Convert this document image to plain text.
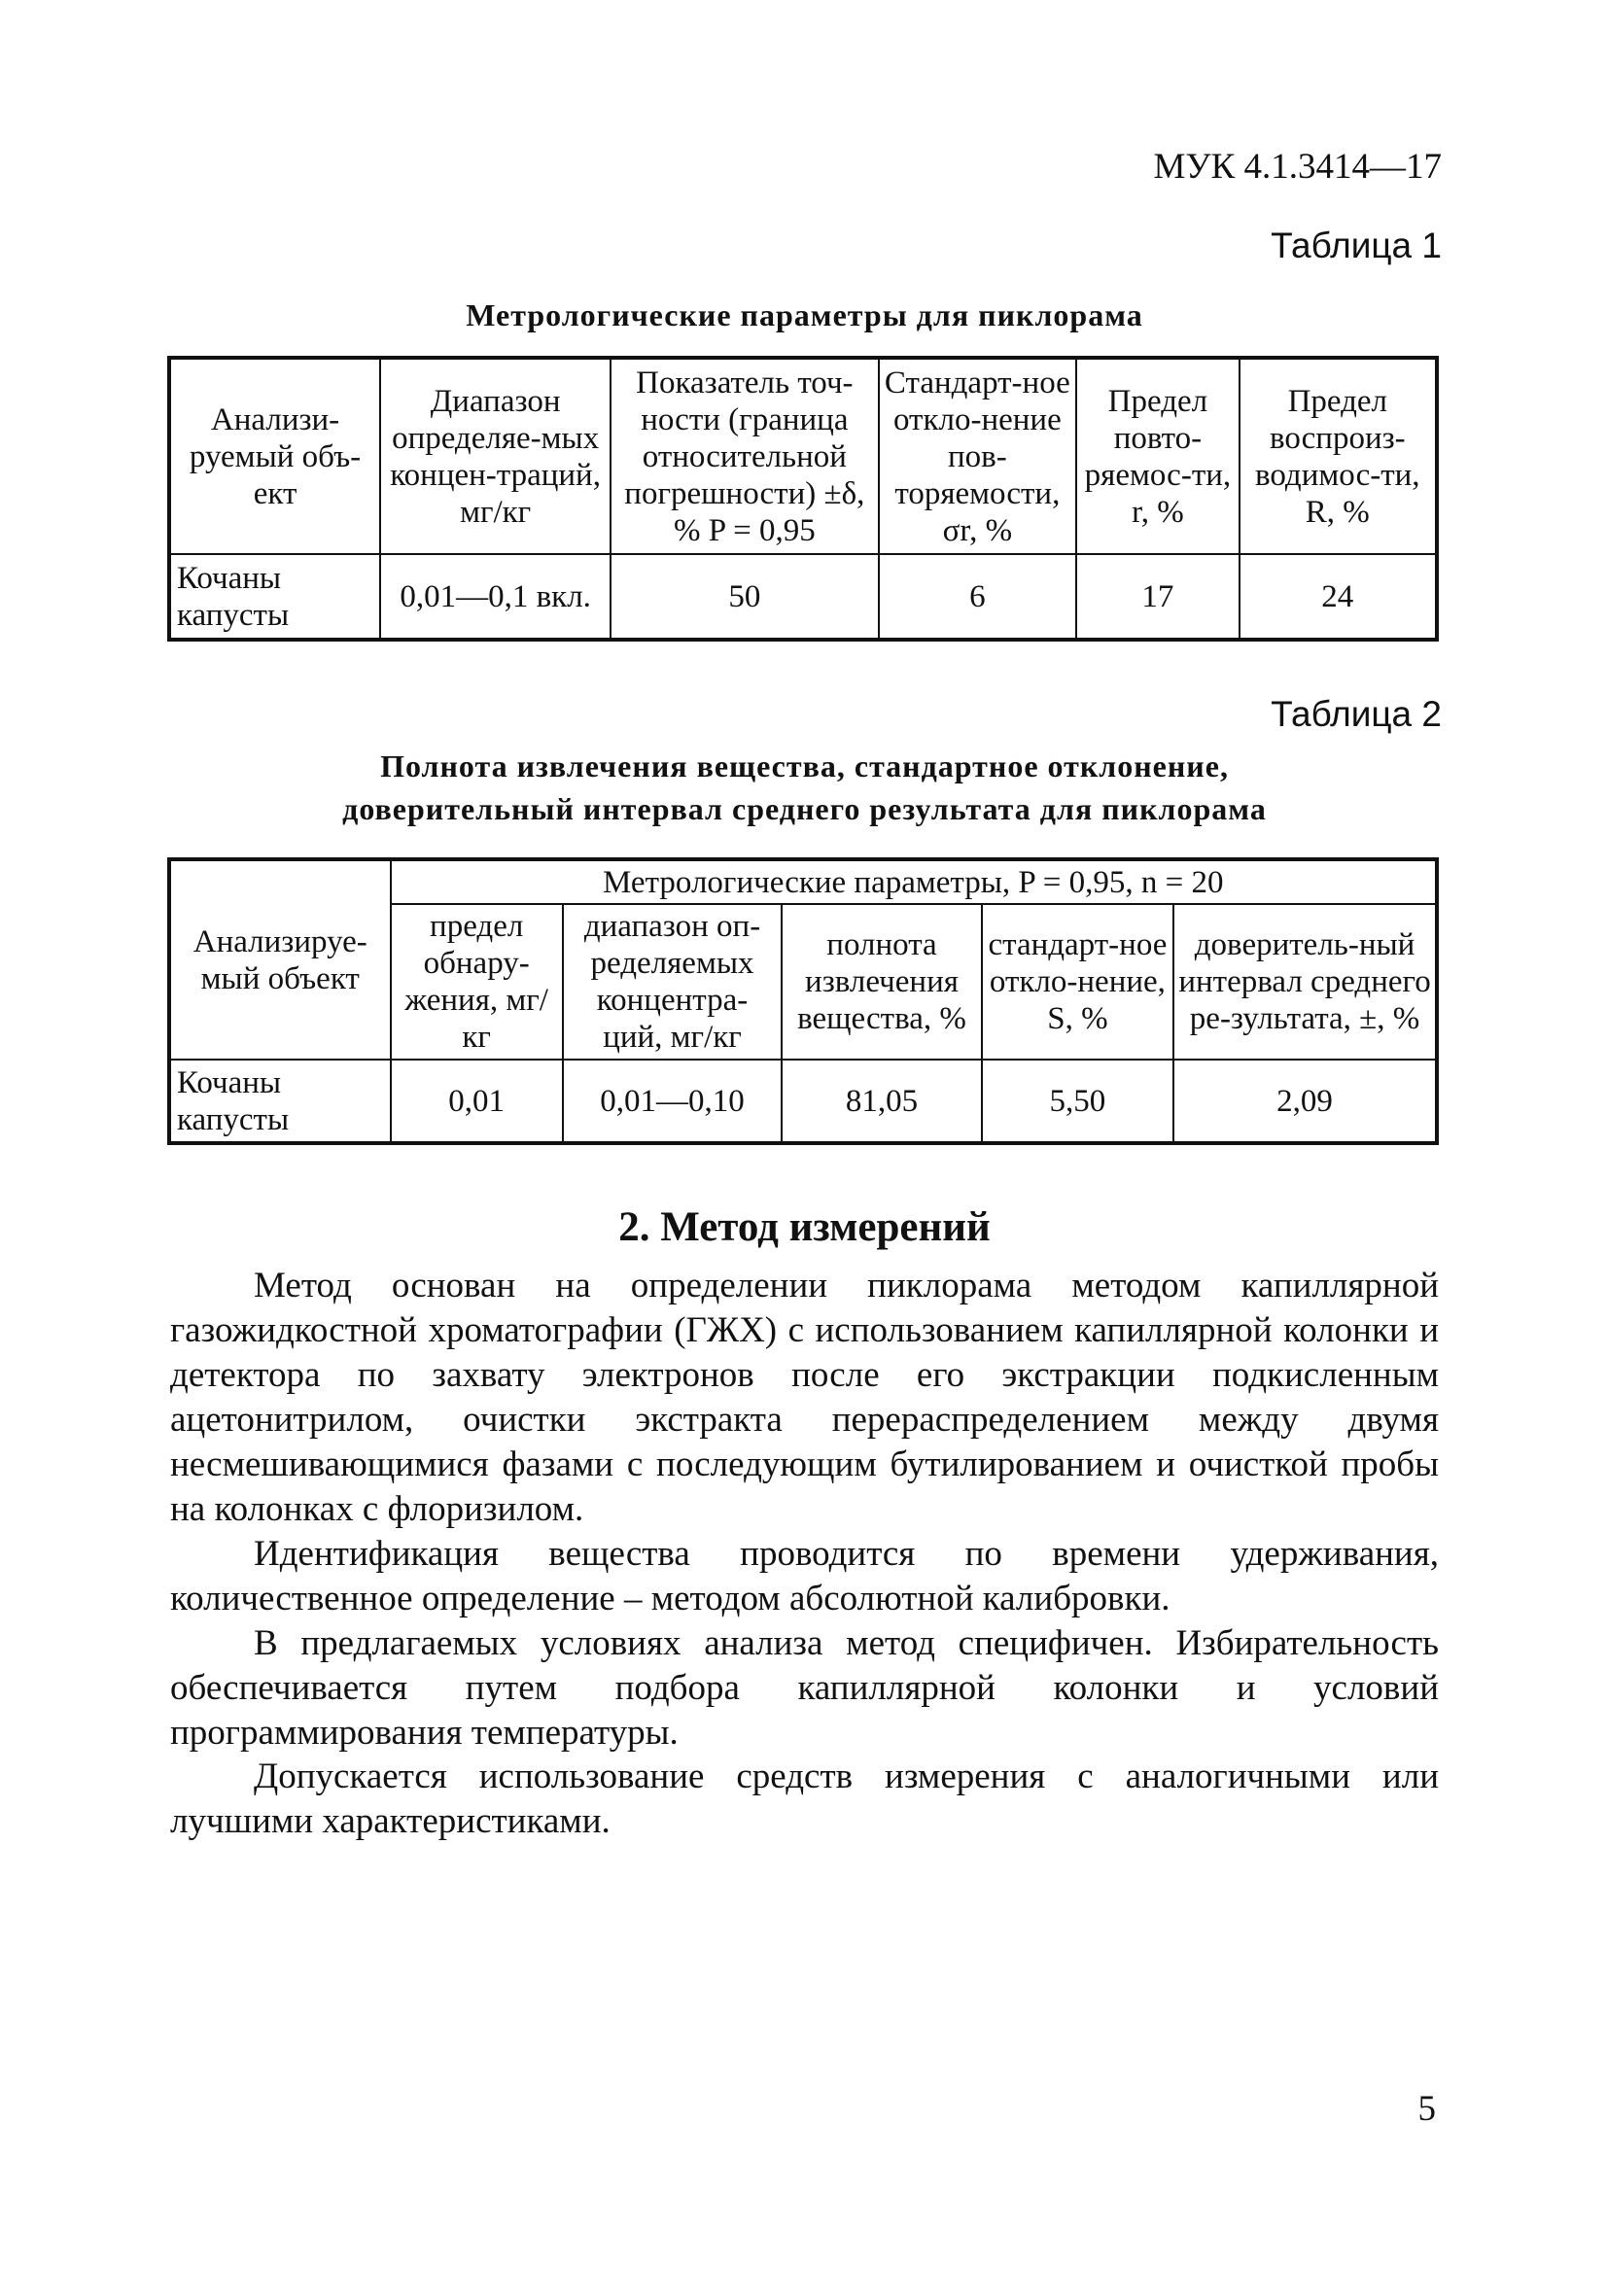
МУК 4.1.3414—17
Таблица 1
Метрологические параметры для пиклорама
Анализи-руемый объ-ект	Диапазон определяе-мых концен-траций, мг/кг	Показатель точ-ности (граница относительной погрешности) ±δ, % P = 0,95	Стандарт-ное откло-нение пов-торяемости, σr, %	Предел повто-ряемос-ти, r, %	Предел воспроиз-водимос-ти, R, %
Кочаны капусты	0,01—0,1 вкл.	50	6	17	24
Таблица 2
Полнота извлечения вещества, стандартное отклонение,
доверительный интервал среднего результата для пиклорама
Анализируе-мый объект	Метрологические параметры, P = 0,95, n = 20				
	предел обнару-жения, мг/кг	диапазон оп-ределяемых концентра-ций, мг/кг	полнота извлечения вещества, %	стандарт-ное откло-нение, S, %	доверитель-ный интервал среднего ре-зультата, ±, %
Кочаны капусты	0,01	0,01—0,10	81,05	5,50	2,09
2. Метод измерений

Метод основан на определении пиклорама методом капиллярной газожидкостной хроматографии (ГЖХ) с использованием капиллярной колонки и детектора по захвату электронов после его экстракции подкисленным ацетонитрилом, очистки экстракта перераспределением между двумя несмешивающимися фазами с последующим бутилированием и очисткой пробы на колонках с флоризилом.

Идентификация вещества проводится по времени удерживания, количественное определение – методом абсолютной калибровки.

В предлагаемых условиях анализа метод специфичен. Избирательность обеспечивается путем подбора капиллярной колонки и условий программирования температуры.

Допускается использование средств измерения с аналогичными или лучшими характеристиками.

5
